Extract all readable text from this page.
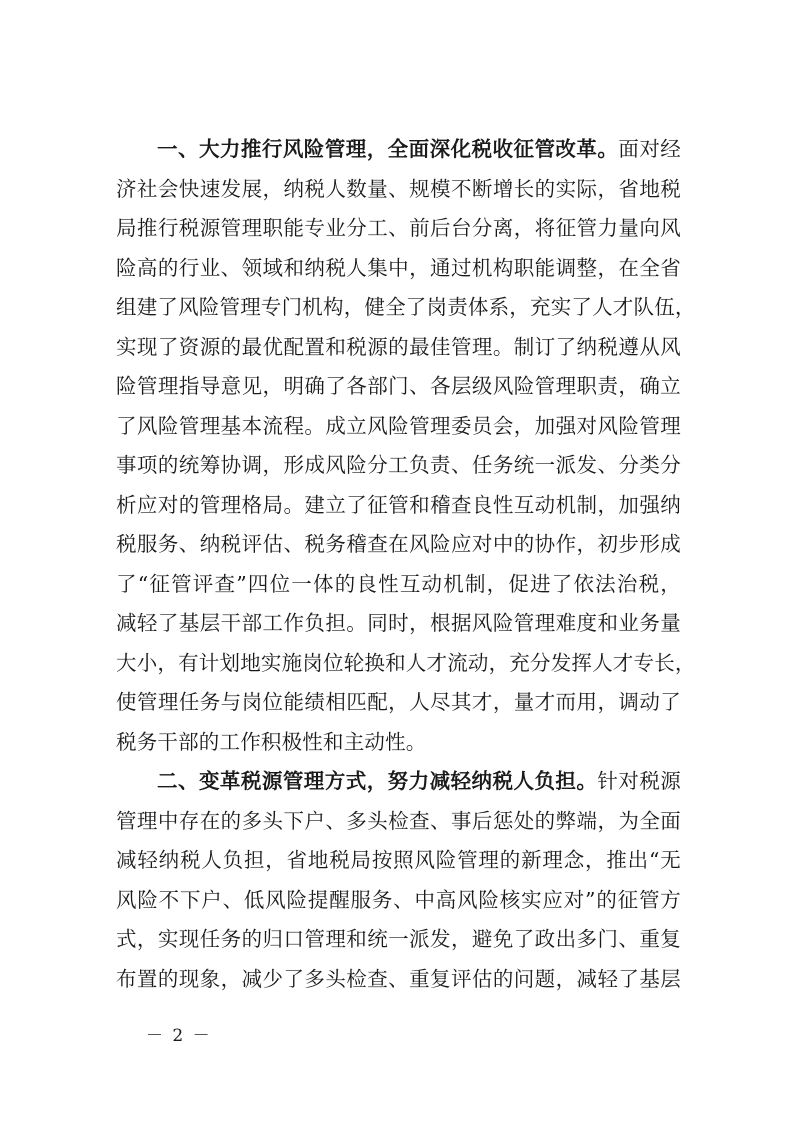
一、大力推行风险管理，全面深化税收征管改革。面对经
济社会快速发展，纳税人数量、规模不断增长的实际，省地税
局推行税源管理职能专业分工、前后台分离，将征管力量向风
险高的行业、领域和纳税人集中，通过机构职能调整，在全省
组建了风险管理专门机构，健全了岗责体系，充实了人才队伍，
实现了资源的最优配置和税源的最佳管理。制订了纳税遵从风
险管理指导意见，明确了各部门、各层级风险管理职责，确立
了风险管理基本流程。成立风险管理委员会，加强对风险管理
事项的统筹协调，形成风险分工负责、任务统一派发、分类分
析应对的管理格局。建立了征管和稽查良性互动机制，加强纳
税服务、纳税评估、税务稽查在风险应对中的协作，初步形成
了“征管评查”四位一体的良性互动机制，促进了依法治税，
减轻了基层干部工作负担。同时，根据风险管理难度和业务量
大小，有计划地实施岗位轮换和人才流动，充分发挥人才专长，
使管理任务与岗位能绩相匹配，人尽其才，量才而用，调动了
税务干部的工作积极性和主动性。
二、变革税源管理方式，努力减轻纳税人负担。针对税源
管理中存在的多头下户、多头检查、事后惩处的弊端，为全面
减轻纳税人负担，省地税局按照风险管理的新理念，推出“无
风险不下户、低风险提醒服务、中高风险核实应对”的征管方
式，实现任务的归口管理和统一派发，避免了政出多门、重复
布置的现象，减少了多头检查、重复评估的问题，减轻了基层
－ 2 －
